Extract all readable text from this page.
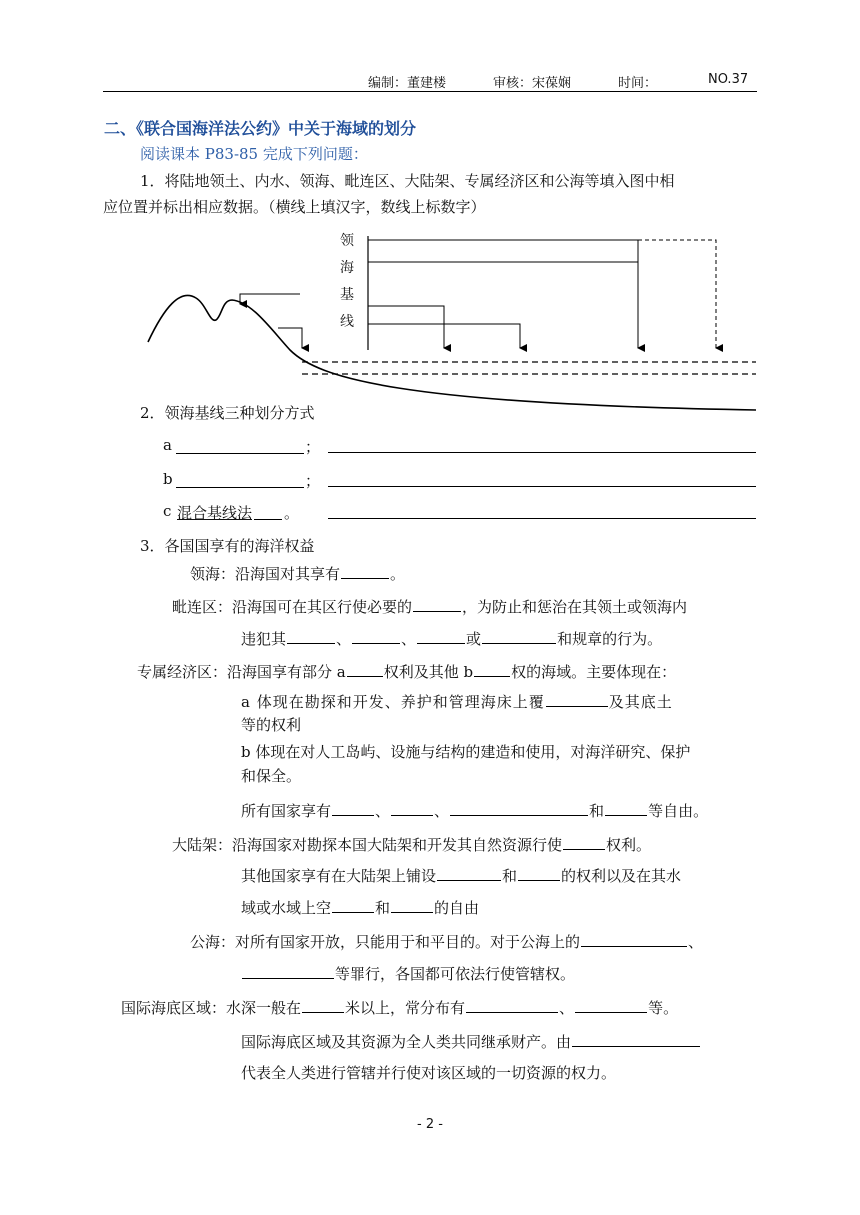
编制：董建楼	审核：宋葆娴	时间：	NO.37
二、《联合国海洋法公约》中关于海域的划分
阅读课本 P83-85 完成下列问题：
1．将陆地领土、内水、领海、毗连区、大陆架、专属经济区和公海等填入图中相
应位置并标出相应数据。（横线上填汉字，数线上标数字）
领
海
基
线
2．领海基线三种划分方式
a	；
b	；
c 混合基线法 。
3．各国国享有的海洋权益
领海：沿海国对其享有	。
毗连区：沿海国可在其区行使必要的	，为防止和惩治在其领土或领海内
违犯其	、	、	或	和规章的行为。
专属经济区：沿海国享有部分 a	权利及其他 b	权的海域。主要体现在：
a 体现在勘探和开发、养护和管理海床上覆	及其底土
等的权利
b 体现在对人工岛屿、设施与结构的建造和使用，对海洋研究、保护
和保全。
所有国家享有	、	、	和	等自由。
大陆架：沿海国家对勘探本国大陆架和开发其自然资源行使	权利。
其他国家享有在大陆架上铺设	和	的权利以及在其水
域或水域上空	和	的自由
公海：对所有国家开放，只能用于和平目的。对于公海上的	、
等罪行，各国都可依法行使管辖权。
国际海底区域：水深一般在	米以上，常分布有	、	等。
国际海底区域及其资源为全人类共同继承财产。由
代表全人类进行管辖并行使对该区域的一切资源的权力。
- 2 -
